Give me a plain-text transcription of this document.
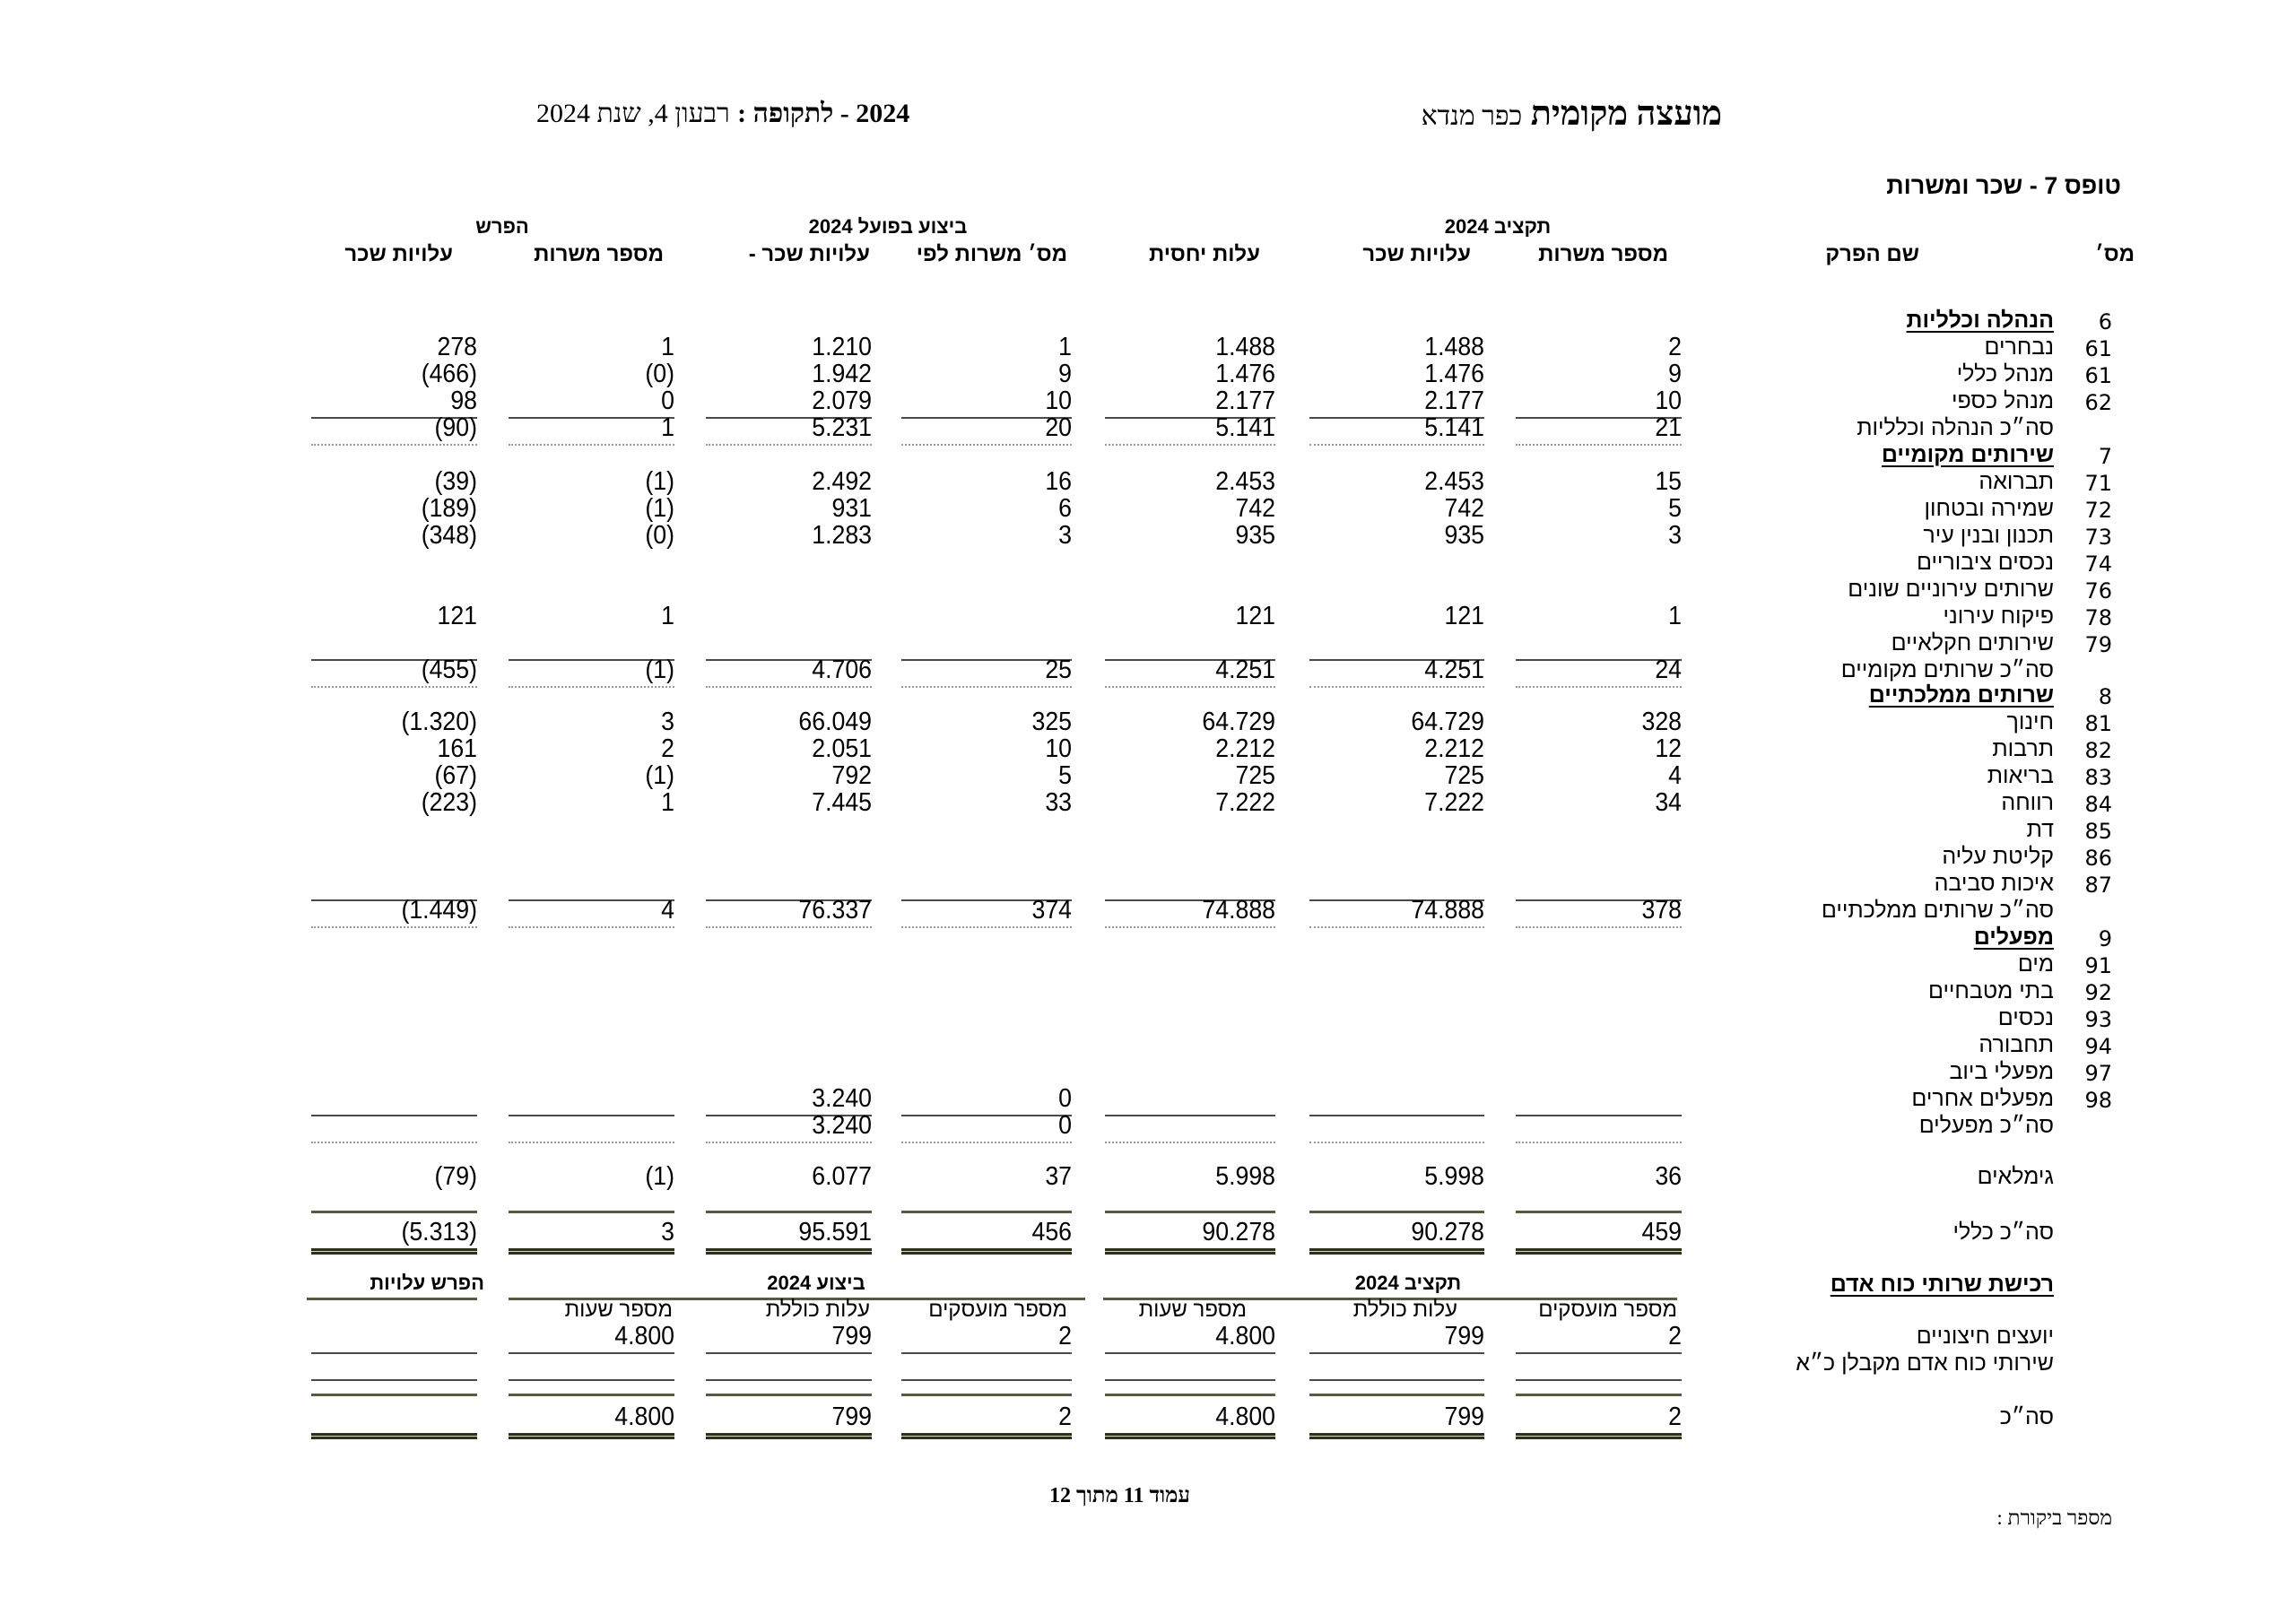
מועצה מקומית כפר מנדא
2024 - לתקופה : רבעון 4, שנת 2024
טופס 7 - שכר ומשרות
תקציב 2024
ביצוע בפועל 2024
הפרש
מס׳
שם הפרק
מספר משרות
עלויות שכר
עלות יחסית
מס׳ משרות לפי
עלויות שכר -
מספר משרות
עלויות שכר
6
הנהלה וכלליות
61
נבחרים
2
1.488
1.488
1
1.210
1
278
61
מנהל כללי
9
1.476
1.476
9
1.942
(0)
(466)
62
מנהל כספי
10
2.177
2.177
10
2.079
0
98
סה״כ הנהלה וכלליות
21
5.141
5.141
20
5.231
1
(90)
7
שירותים מקומיים
71
תברואה
15
2.453
2.453
16
2.492
(1)
(39)
72
שמירה ובטחון
5
742
742
6
931
(1)
(189)
73
תכנון ובנין עיר
3
935
935
3
1.283
(0)
(348)
74
נכסים ציבוריים
76
שרותים עירוניים שונים
78
פיקוח עירוני
1
121
121
1
121
79
שירותים חקלאיים
סה״כ שרותים מקומיים
24
4.251
4.251
25
4.706
(1)
(455)
8
שרותים ממלכתיים
81
חינוך
328
64.729
64.729
325
66.049
3
(1.320)
82
תרבות
12
2.212
2.212
10
2.051
2
161
83
בריאות
4
725
725
5
792
(1)
(67)
84
רווחה
34
7.222
7.222
33
7.445
1
(223)
85
דת
86
קליטת עליה
87
איכות סביבה
סה״כ שרותים ממלכתיים
378
74.888
74.888
374
76.337
4
(1.449)
9
מפעלים
91
מים
92
בתי מטבחיים
93
נכסים
94
תחבורה
97
מפעלי ביוב
98
מפעלים אחרים
0
3.240
סה״כ מפעלים
0
3.240
גימלאים
36
5.998
5.998
37
6.077
(1)
(79)
סה״כ כללי
459
90.278
90.278
456
95.591
3
(5.313)
יועצים חיצוניים
2
799
4.800
2
799
4.800
שירותי כוח אדם מקבלן כ״א
סה״כ
2
799
4.800
2
799
4.800
רכישת שרותי כוח אדם
תקציב 2024
ביצוע 2024
הפרש עלויות
מספר מועסקים
עלות כוללת
מספר שעות
מספר מועסקים
עלות כוללת
מספר שעות
עמוד 11 מתוך 12
מספר ביקורת :
